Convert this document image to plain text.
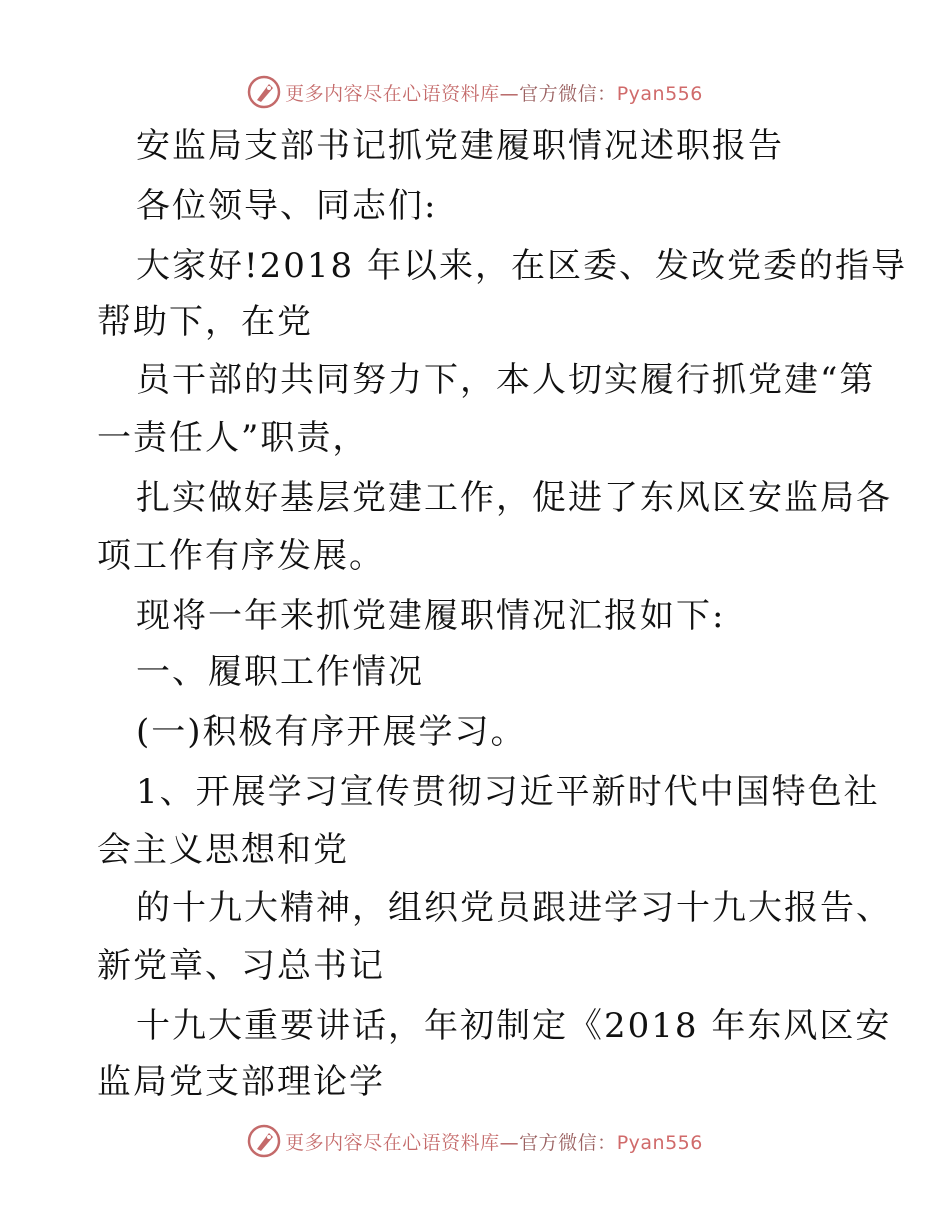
更多内容尽在心语资料库—官方微信：Pyan556
安监局支部书记抓党建履职情况述职报告
各位领导、同志们:
大家好!2018 年以来，在区委、发改党委的指导
帮助下，在党
员干部的共同努力下，本人切实履行抓党建“第
一责任人”职责，
扎实做好基层党建工作，促进了东风区安监局各
项工作有序发展。
现将一年来抓党建履职情况汇报如下:
一、履职工作情况
(一)积极有序开展学习。
1、开展学习宣传贯彻习近平新时代中国特色社
会主义思想和党
的十九大精神，组织党员跟进学习十九大报告、
新党章、习总书记
十九大重要讲话，年初制定《2018 年东风区安
监局党支部理论学
更多内容尽在心语资料库—官方微信：Pyan556
